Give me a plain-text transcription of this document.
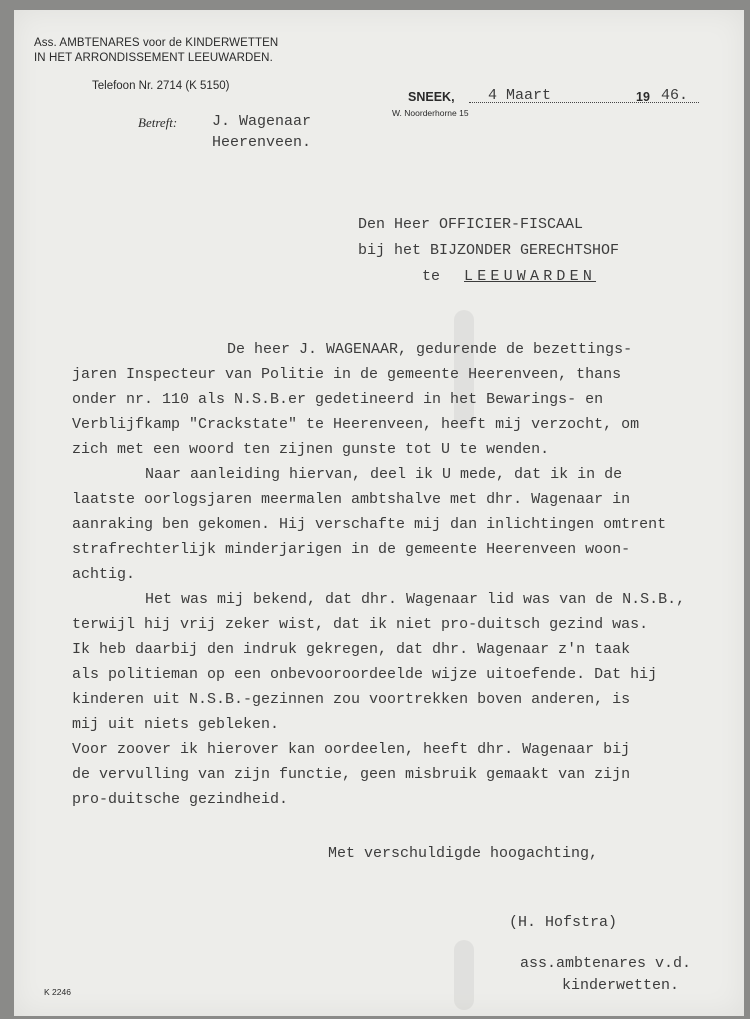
Ass. AMBTENARES voor de KINDERWETTEN
IN HET ARRONDISSEMENT LEEUWARDEN.
Telefoon Nr. 2714 (K 5150)
SNEEK, 4 Maart	19 46.
W. Noorderhorne 15
Betreft: J. Wagenaar
Heerenveen.
Den Heer OFFICIER-FISCAAL
bij het BIJZONDER GERECHTSHOF
te LEEUWARDEN
De heer J. WAGENAAR, gedurende de bezettings-
jaren Inspecteur van Politie in de gemeente Heerenveen, thans
onder nr. 110 als N.S.B.er gedetineerd in het Bewarings- en
Verblijfkamp "Crackstate" te Heerenveen, heeft mij verzocht, om
zich met een woord ten zijnen gunste tot U te wenden.
Naar aanleiding hiervan, deel ik U mede, dat ik in de
laatste oorlogsjaren meermalen ambtshalve met dhr. Wagenaar in
aanraking ben gekomen. Hij verschafte mij dan inlichtingen omtrent
strafrechterlijk minderjarigen in de gemeente Heerenveen woon-
achtig.
Het was mij bekend, dat dhr. Wagenaar lid was van de N.S.B.,
terwijl hij vrij zeker wist, dat ik niet pro-duitsch gezind was.
Ik heb daarbij den indruk gekregen, dat dhr. Wagenaar z'n taak
als politieman op een onbevooroordeelde wijze uitoefende. Dat hij
kinderen uit N.S.B.-gezinnen zou voortrekken boven anderen, is
mij uit niets gebleken.
Voor zoover ik hierover kan oordeelen, heeft dhr. Wagenaar bij
de vervulling van zijn functie, geen misbruik gemaakt van zijn
pro-duitsche gezindheid.
Met verschuldigde hoogachting,
(H. Hofstra)
ass.ambtenares v.d.
kinderwetten.
K 2246
